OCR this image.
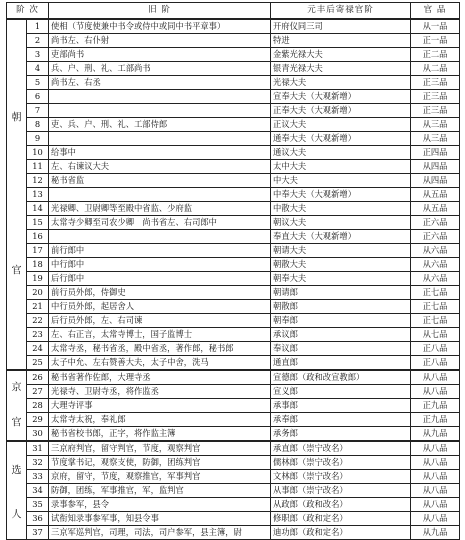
阶 次		旧 阶	元丰后寄禄官阶	官 品

朝
官	1	使相（节度使兼中书令或侍中或同中书平章事）	开府仪同三司	从一品
	2	尚书左、右仆射	特进	正一品
	3	吏部尚书	金紫光禄大夫	正二品
	4	兵、户、刑、礼、工部尚书	银青光禄大夫	从二品
	5	尚书左、右丞	光禄大夫	正三品
	6		宣奉大夫（大观新增）	正三品
	7		正奉大夫（大观新增）	正三品
	8	吏、兵、户、刑、礼、工部侍郎	正议大夫	从三品
	9		通奉大夫（大观新增）	从三品
	10	给事中	通议大夫	正四品
	11	左、右谏议大夫	太中大夫	从四品
	12	秘书省监	中大夫	从四品
	13		中奉大夫（大观新增）	从五品
	14	光禄卿、卫尉卿等至殿中省监、少府监	中散大夫	从五品
	15	太常寺少卿至司农少卿　尚书省左、右司郎中	朝议大夫	正六品
	16		奉直大夫（大观新增）	正六品
	17	前行郎中	朝请大夫	从六品
	18	中行郎中	朝散大夫	从六品
	19	后行郎中	朝奉大夫	从六品
	20	前行员外郎，侍御史	朝请郎	正七品
	21	中行员外郎，起居舍人	朝散郎	正七品
	22	后行员外郎，左、右司谏	朝奉郎	正七品
	23	左、右正言，太常寺博士，国子监博士	承议郎	从七品
	24	太常寺丞，秘书省丞，殿中省丞，著作郎，秘书郎	奉议郎	正八品
	25	太子中允、左右赞善大夫，太子中舍，洗马	通直郎	正八品

京
官	26	秘书省著作佐郎，大理寺丞	宣德郎（政和改宣教郎）	从八品
	27	光禄寺、卫尉寺丞，将作监丞	宣义郎	从八品
	28	大理寺评事	承事郎	正九品
	29	太常寺太祝，奉礼郎	承奉郎	正九品
	30	秘书省校书郎，正字，将作监主簿	承务郎	从九品

选
人	31	三京府判官，留守判官，节度，观察判官	承直郎（崇宁改名）	从八品
	32	节度掌书记，观察支使，防御，团练判官	儒林郎（崇宁改名）	从八品
	33	京府，留守，节度，观察推官，军事判官	文林郎（崇宁改名）	从八品
	34	防御，团练，军事推官，军，监判官	从事郎（崇宁改名）	从八品
	35	录事参军，县令	从政郎（政和改名）	从八品
	36	试衔知录事参军事，知县令事	修职郎（政和定名）	从八品
	37	三京军巡判官，司理，司法，司户参军，县主簿，尉	迪功郎（政和定名）	从九品
